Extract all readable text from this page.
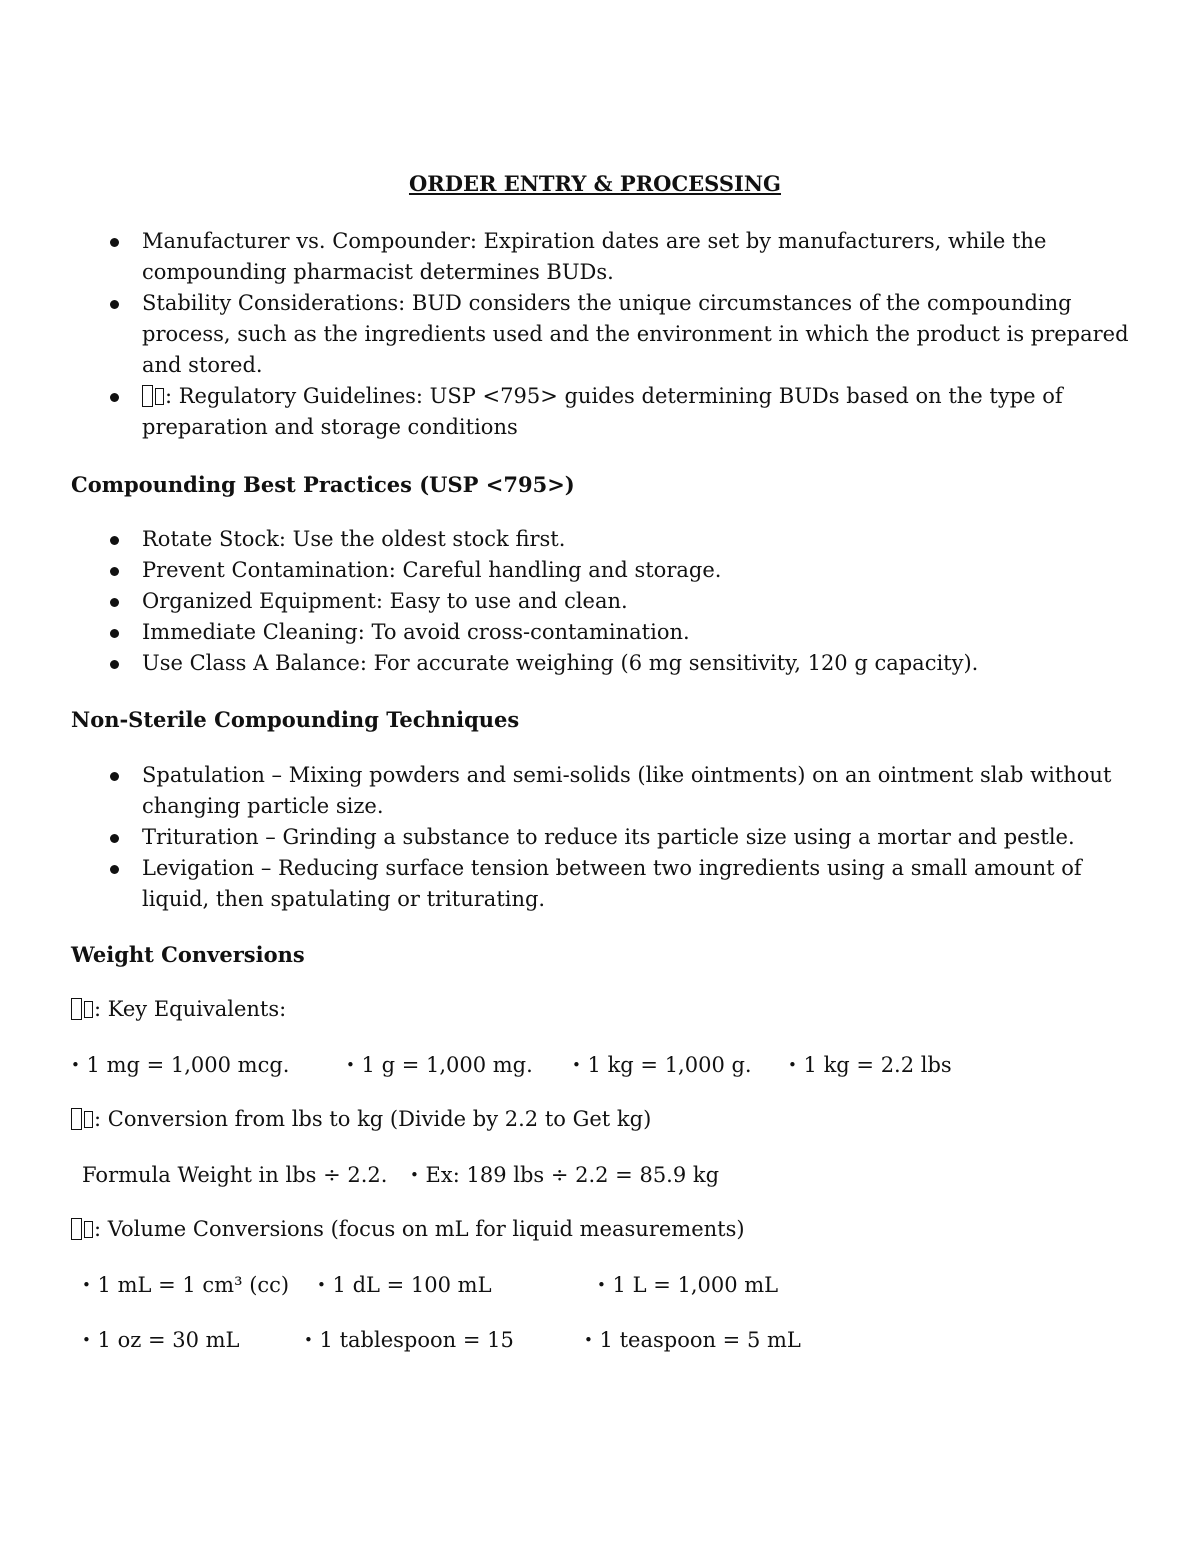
ORDER ENTRY & PROCESSING
Manufacturer vs. Compounder: Expiration dates are set by manufacturers, while the compounding pharmacist determines BUDs.
Stability Considerations: BUD considers the unique circumstances of the compounding process, such as the ingredients used and the environment in which the product is prepared and stored.
: Regulatory Guidelines: USP <795> guides determining BUDs based on the type of preparation and storage conditions
Compounding Best Practices (USP <795>)
Rotate Stock: Use the oldest stock first.
Prevent Contamination: Careful handling and storage.
Organized Equipment: Easy to use and clean.
Immediate Cleaning: To avoid cross-contamination.
Use Class A Balance: For accurate weighing (6 mg sensitivity, 120 g capacity).
Non-Sterile Compounding Techniques
Spatulation – Mixing powders and semi-solids (like ointments) on an ointment slab without changing particle size.
Trituration – Grinding a substance to reduce its particle size using a mortar and pestle.
Levigation – Reducing surface tension between two ingredients using a small amount of liquid, then spatulating or triturating.
Weight Conversions
: Key Equivalents:
• 1 mg = 1,000 mcg.	• 1 g = 1,000 mg.	• 1 kg = 1,000 g. • 1 kg = 2.2 lbs
: Conversion from lbs to kg (Divide by 2.2 to Get kg)
Formula Weight in lbs ÷ 2.2. • Ex: 189 lbs ÷ 2.2 = 85.9 kg
: Volume Conversions (focus on mL for liquid measurements)
• 1 mL = 1 cm³ (cc) • 1 dL = 100 mL	• 1 L = 1,000 mL
• 1 oz = 30 mL	• 1 tablespoon = 15	• 1 teaspoon = 5 mL
